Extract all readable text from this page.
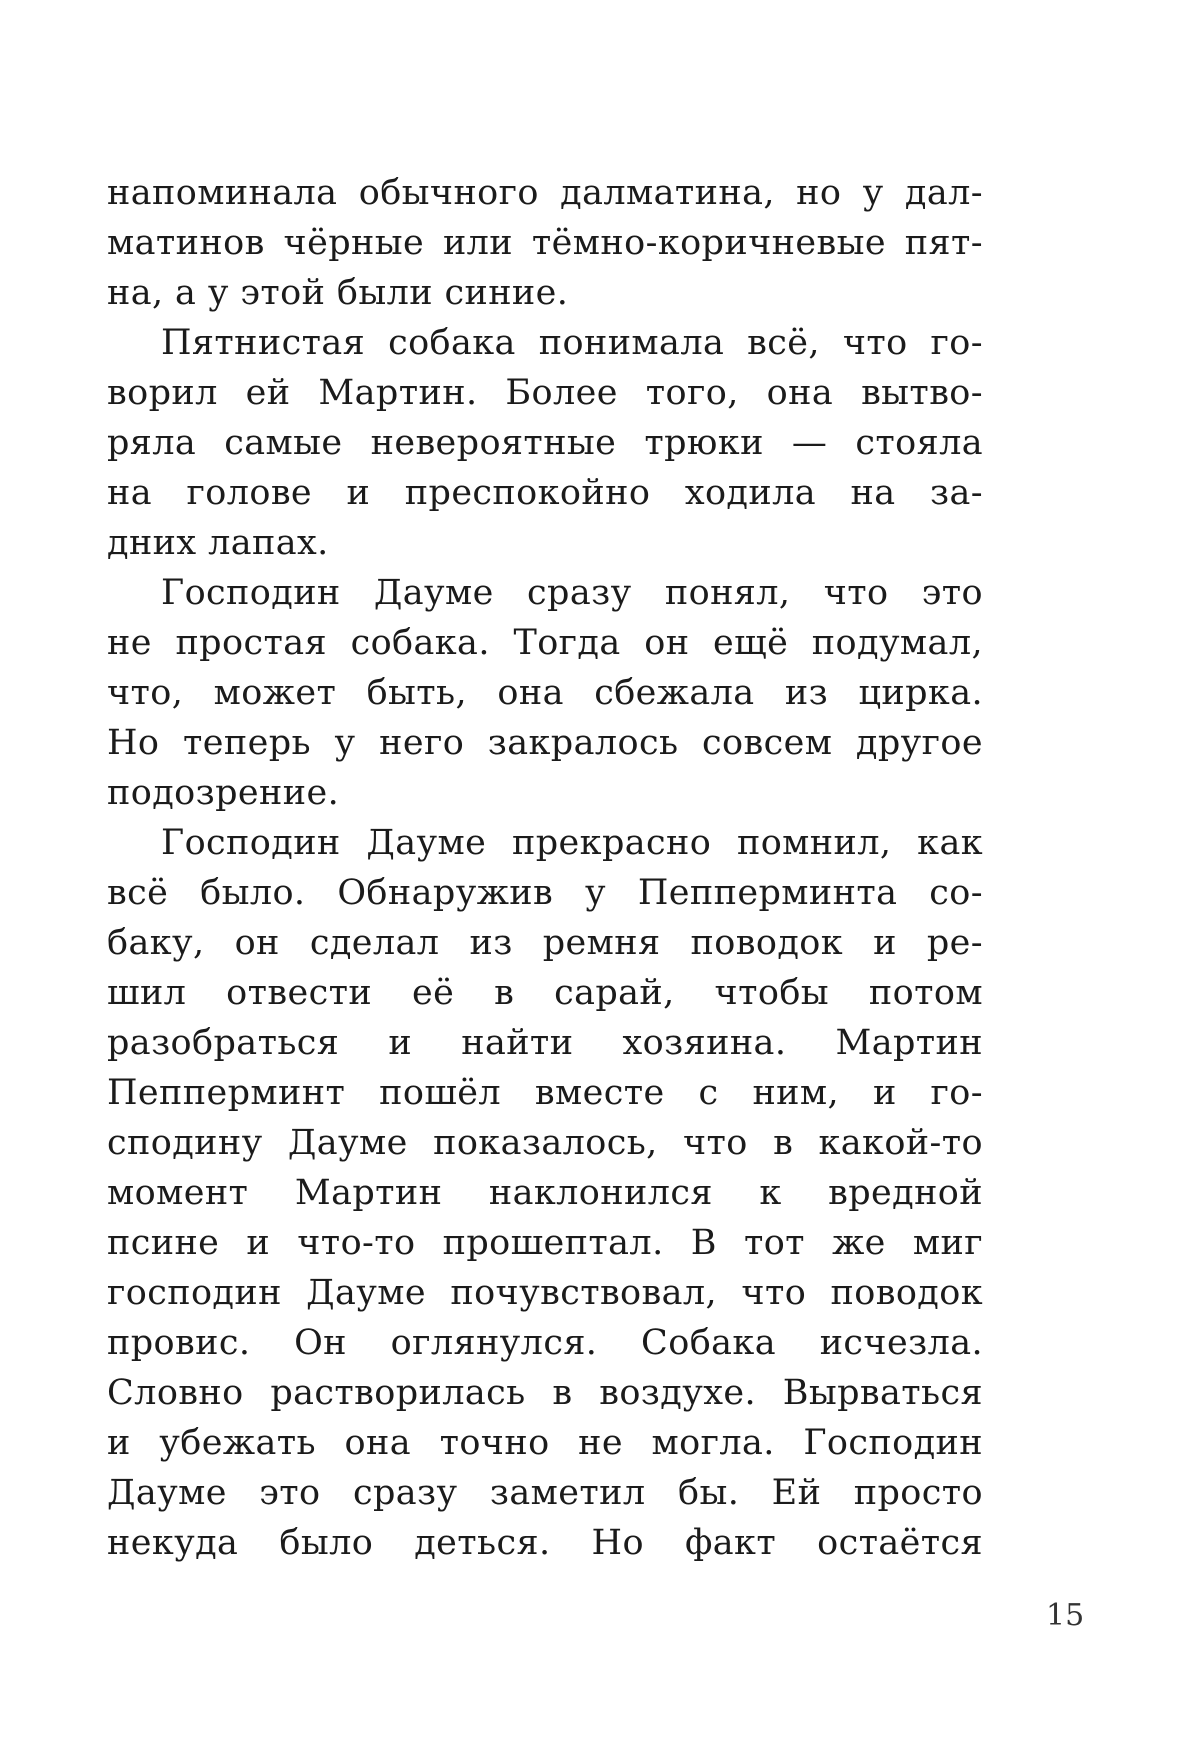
напоминала обычного далматина, но у дал-
матинов чёрные или тёмно-коричневые пят-
на, а у этой были синие.
Пятнистая собака понимала всё, что го-
ворил ей Мартин. Более того, она вытво-
ряла самые невероятные трюки — стояла
на голове и преспокойно ходила на за-
дних лапах.
Господин Дауме сразу понял, что это
не простая собака. Тогда он ещё подумал,
что, может быть, она сбежала из цирка.
Но теперь у него закралось совсем другое
подозрение.
Господин Дауме прекрасно помнил, как
всё было. Обнаружив у Пепперминта со-
баку, он сделал из ремня поводок и ре-
шил отвести её в сарай, чтобы потом
разобраться и найти хозяина. Мартин
Пепперминт пошёл вместе с ним, и го-
сподину Дауме показалось, что в какой-то
момент Мартин наклонился к вредной
псине и что-то прошептал. В тот же миг
господин Дауме почувствовал, что поводок
провис. Он оглянулся. Собака исчезла.
Словно растворилась в воздухе. Вырваться
и убежать она точно не могла. Господин
Дауме это сразу заметил бы. Ей просто
некуда было деться. Но факт остаётся
15
